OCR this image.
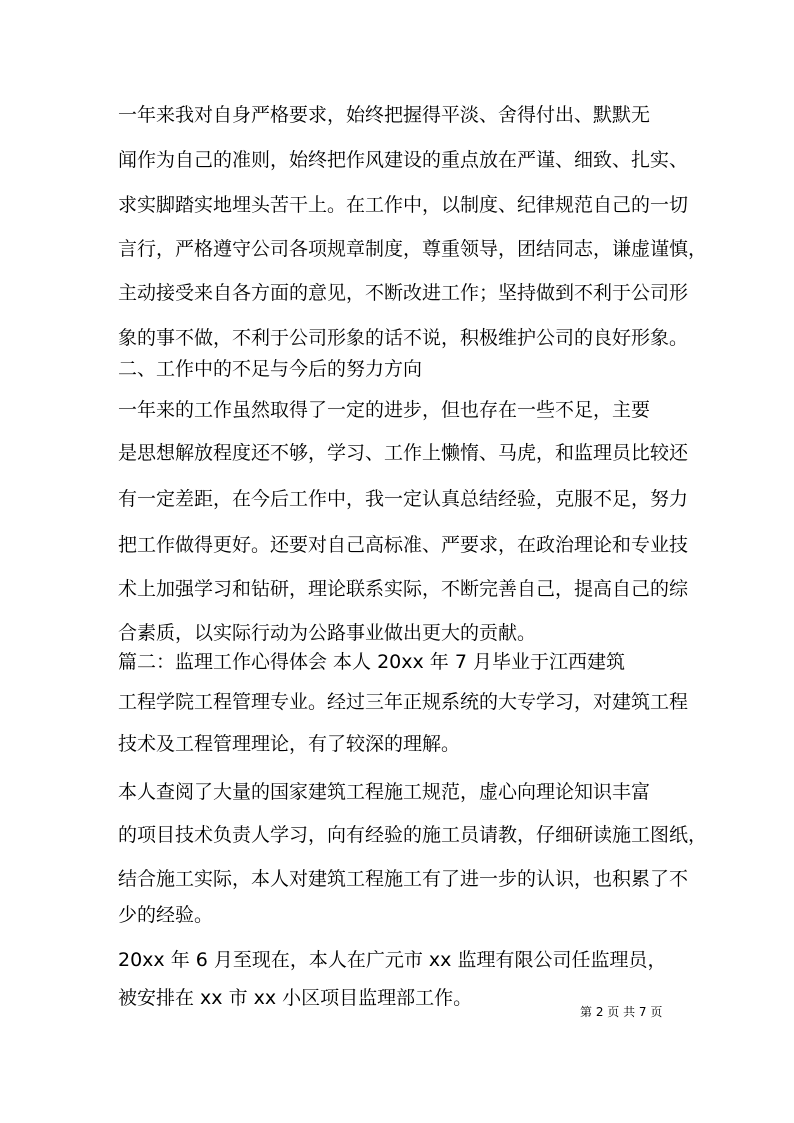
一年来我对自身严格要求，始终把握得平淡、舍得付出、默默无
闻作为自己的准则，始终把作风建设的重点放在严谨、细致、扎实、
求实脚踏实地埋头苦干上。在工作中，以制度、纪律规范自己的一切
言行，严格遵守公司各项规章制度，尊重领导，团结同志，谦虚谨慎，
主动接受来自各方面的意见，不断改进工作；坚持做到不利于公司形
象的事不做，不利于公司形象的话不说，积极维护公司的良好形象。
二、工作中的不足与今后的努力方向
一年来的工作虽然取得了一定的进步，但也存在一些不足，主要
是思想解放程度还不够，学习、工作上懒惰、马虎，和监理员比较还
有一定差距，在今后工作中，我一定认真总结经验，克服不足，努力
把工作做得更好。还要对自己高标准、严要求，在政治理论和专业技
术上加强学习和钻研，理论联系实际，不断完善自己，提高自己的综
合素质，以实际行动为公路事业做出更大的贡献。
篇二：监理工作心得体会 本人 20xx 年 7 月毕业于江西建筑
工程学院工程管理专业。经过三年正规系统的大专学习，对建筑工程
技术及工程管理理论，有了较深的理解。
本人查阅了大量的国家建筑工程施工规范，虚心向理论知识丰富
的项目技术负责人学习，向有经验的施工员请教，仔细研读施工图纸，
结合施工实际，本人对建筑工程施工有了进一步的认识，也积累了不
少的经验。
20xx 年 6 月至现在，本人在广元市 xx 监理有限公司任监理员，
被安排在 xx 市 xx 小区项目监理部工作。
第 2 页 共 7 页
